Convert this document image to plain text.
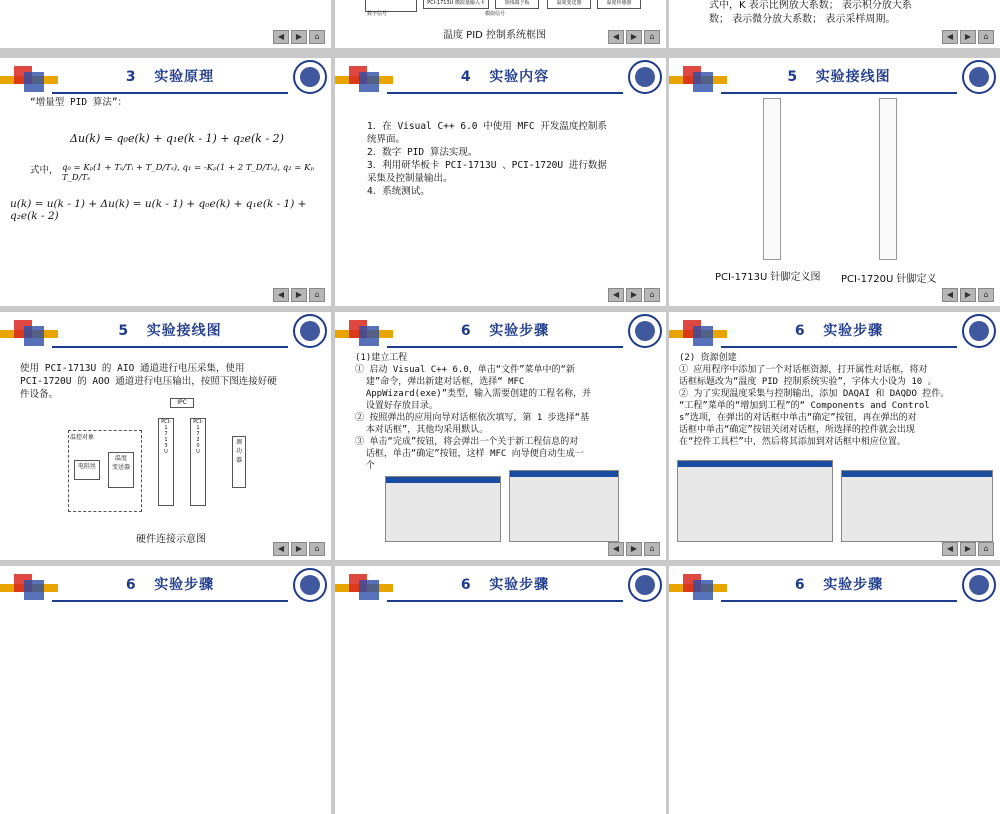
◀	▶	⌂
PCI-1713U 模拟量输入卡	放线端子板	温度变送器	温度传感器
数字信号	模拟信号
温度 PID 控制系统框图	◀	▶	⌂
式中，K 表示比例放大系数； 表示积分放大系
数； 表示微分放大系数； 表示采样周期。
◀	▶	⌂
3 实验原理
“增量型 PID 算法”：
Δu(k) = q₀e(k) + q₁e(k - 1) + q₂e(k - 2)
式中， q₀ = Kₚ(1 + Tₛ/Tᵢ + T_D/Tₛ), q₁ = -Kₚ(1 + 2 T_D/Tₛ), q₂ = Kₚ T_D/Tₛ
u(k) = u(k - 1) + Δu(k) = u(k - 1) + q₀e(k) + q₁e(k - 1) + q₂e(k - 2)
◀	▶	⌂
4 实验内容
1．在 Visual C++ 6.0 中使用 MFC 开发温度控制系
统界面。
2．数字 PID 算法实现。
3．利用研华板卡 PCI-1713U 、PCI-1720U 进行数据
采集及控制量输出。
4．系统测试。
◀	▶	⌂
5 实验接线图
PCI-1713U 针脚定义图 PCI-1720U 针脚定义
◀	▶	⌂
5 实验接线图
使用 PCI-1713U 的 AIO 通道进行电压采集，使用
PCI-1720U 的 AOO 通道进行电压输出，按照下图连接好硬
件设备。
IPC
温控对象
电阻丝
温度
变送器
PCI-
1
7
1
3
U
PCI-
1
7
2
0
U
调
功
器
硬件连接示意图
◀	▶	⌂
6 实验步骤
(1)建立工程
① 启动 Visual C++ 6.0，单击“文件”菜单中的“新
建”命令，弹出新建对话框，选择“ MFC
AppWizard(exe)”类型，输入需要创建的工程名称，并
设置好存放目录。
② 按照弹出的应用向导对话框依次填写，第 1 步选择“基
本对话框”，其他均采用默认。
③ 单击“完成”按钮，将会弹出一个关于新工程信息的对
话框，单击“确定”按钮，这样 MFC 向导便自动生成一
个
◀	▶	⌂
6 实验步骤
(2) 资源创建
① 应用程序中添加了一个对话框资源，打开属性对话框，将对
话框标题改为“温度 PID 控制系统实验”，字体大小设为 10 。
② 为了实现温度采集与控制输出，添加 DAQAI 和 DAQDO 控件。
“工程”菜单的“增加到工程”的“ Components and Control
s”选项，在弹出的对话框中单击“确定”按钮，再在弹出的对
话框中单击“确定”按钮关闭对话框，所选择的控件就会出现
在“控件工具栏”中，然后将其添加到对话框中相应位置。
◀	▶	⌂
6 实验步骤	6 实验步骤	6 实验步骤
